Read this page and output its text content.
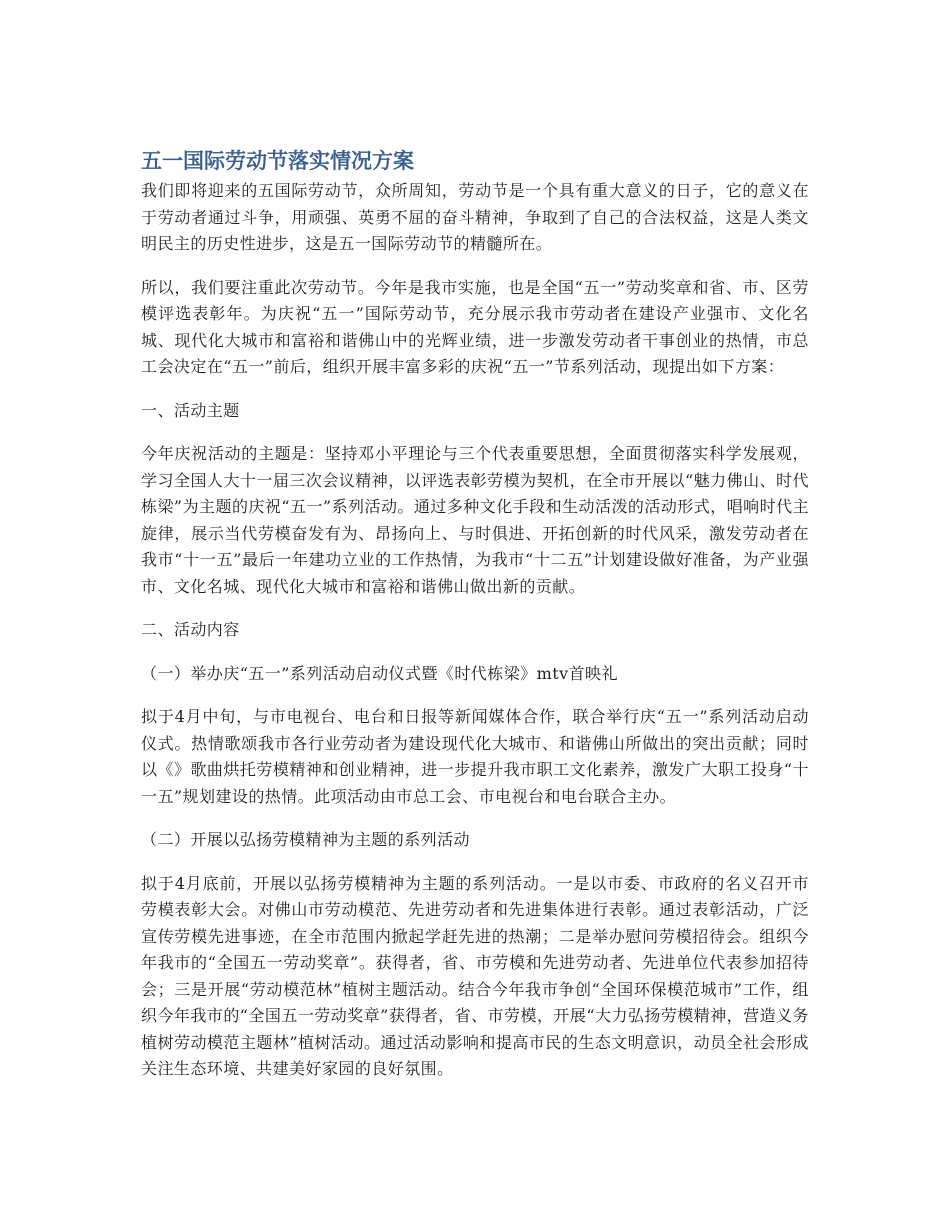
五一国际劳动节落实情况方案

我们即将迎来的五国际劳动节，众所周知，劳动节是一个具有重大意义的日子，它的意义在于劳动者通过斗争，用顽强、英勇不屈的奋斗精神，争取到了自己的合法权益，这是人类文明民主的历史性进步，这是五一国际劳动节的精髓所在。

所以，我们要注重此次劳动节。今年是我市实施，也是全国“五一”劳动奖章和省、市、区劳模评选表彰年。为庆祝“五一”国际劳动节，充分展示我市劳动者在建设产业强市、文化名城、现代化大城市和富裕和谐佛山中的光辉业绩，进一步激发劳动者干事创业的热情，市总工会决定在“五一”前后，组织开展丰富多彩的庆祝“五一”节系列活动，现提出如下方案：

一、活动主题

今年庆祝活动的主题是：坚持邓小平理论与三个代表重要思想，全面贯彻落实科学发展观，学习全国人大十一届三次会议精神，以评选表彰劳模为契机，在全市开展以“魅力佛山、时代栋梁”为主题的庆祝“五一”系列活动。通过多种文化手段和生动活泼的活动形式，唱响时代主旋律，展示当代劳模奋发有为、昂扬向上、与时俱进、开拓创新的时代风采，激发劳动者在我市“十一五”最后一年建功立业的工作热情，为我市“十二五”计划建设做好准备，为产业强市、文化名城、现代化大城市和富裕和谐佛山做出新的贡献。

二、活动内容

（一）举办庆“五一”系列活动启动仪式暨《时代栋梁》mtv首映礼

拟于4月中旬，与市电视台、电台和日报等新闻媒体合作，联合举行庆“五一”系列活动启动仪式。热情歌颂我市各行业劳动者为建设现代化大城市、和谐佛山所做出的突出贡献；同时以《》歌曲烘托劳模精神和创业精神，进一步提升我市职工文化素养，激发广大职工投身“十一五”规划建设的热情。此项活动由市总工会、市电视台和电台联合主办。

（二）开展以弘扬劳模精神为主题的系列活动

拟于4月底前，开展以弘扬劳模精神为主题的系列活动。一是以市委、市政府的名义召开市劳模表彰大会。对佛山市劳动模范、先进劳动者和先进集体进行表彰。通过表彰活动，广泛宣传劳模先进事迹，在全市范围内掀起学赶先进的热潮；二是举办慰问劳模招待会。组织今年我市的“全国五一劳动奖章”。获得者，省、市劳模和先进劳动者、先进单位代表参加招待会；三是开展“劳动模范林”植树主题活动。结合今年我市争创“全国环保模范城市”工作，组织今年我市的“全国五一劳动奖章”获得者，省、市劳模，开展“大力弘扬劳模精神，营造义务植树劳动模范主题林”植树活动。通过活动影响和提高市民的生态文明意识，动员全社会形成关注生态环境、共建美好家园的良好氛围。
